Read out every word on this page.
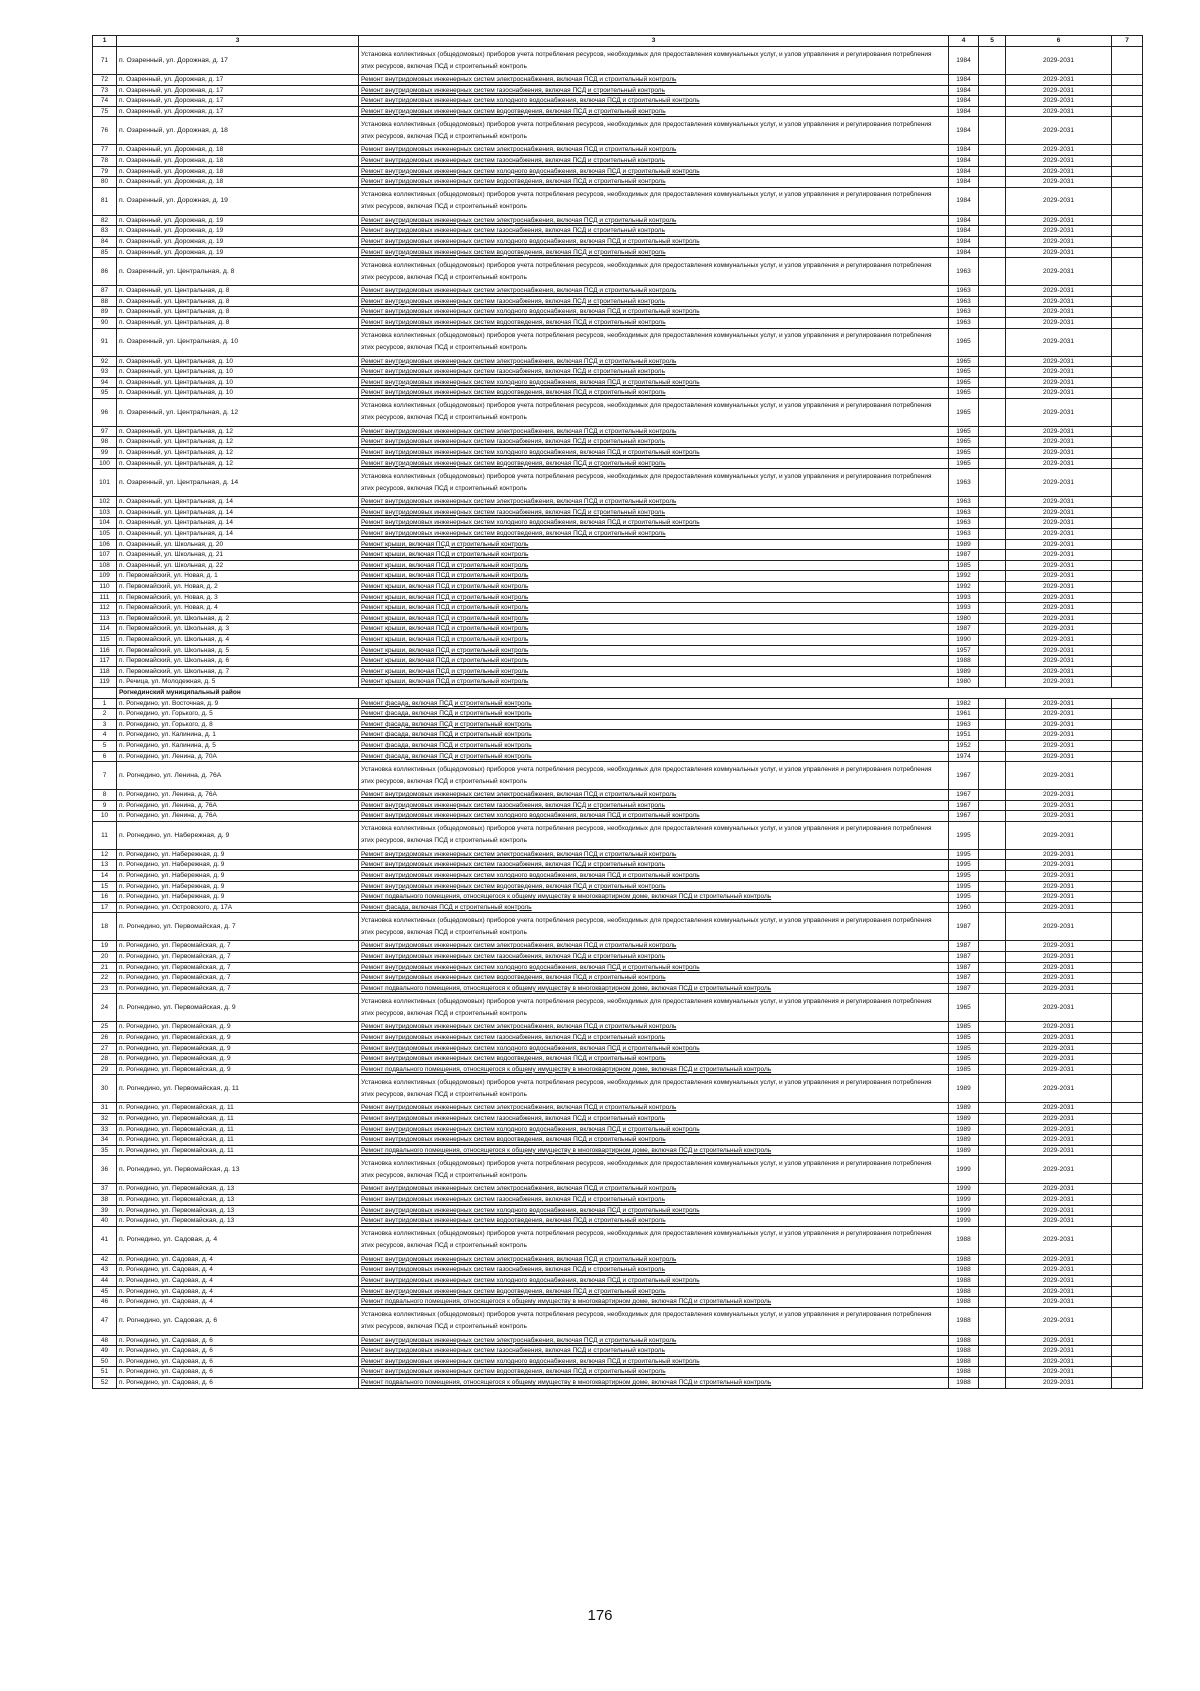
1	3	3	4	5	6	7
71	п. Озаренный, ул. Дорожная, д. 17	Установка коллективных (общедомовых) приборов учета потребления ресурсов, необходимых для предоставления коммунальных услуг, и узлов управления и регулирования потребления этих ресурсов, включая ПСД и строительный контроль	1984		2029-2031	
72	п. Озаренный, ул. Дорожная, д. 17	Ремонт внутридомовых инженерных систем электроснабжения, включая ПСД и строительный контроль	1984		2029-2031	
73	п. Озаренный, ул. Дорожная, д. 17	Ремонт внутридомовых инженерных систем газоснабжения, включая ПСД и строительный контроль	1984		2029-2031	
74	п. Озаренный, ул. Дорожная, д. 17	Ремонт внутридомовых инженерных систем холодного водоснабжения, включая ПСД и строительный контроль	1984		2029-2031	
75	п. Озаренный, ул. Дорожная, д. 17	Ремонт внутридомовых инженерных систем водоотведения, включая ПСД и строительный контроль	1984		2029-2031	
76	п. Озаренный, ул. Дорожная, д. 18	Установка коллективных (общедомовых) приборов учета потребления ресурсов, необходимых для предоставления коммунальных услуг, и узлов управления и регулирования потребления этих ресурсов, включая ПСД и строительный контроль	1984		2029-2031	
77	п. Озаренный, ул. Дорожная, д. 18	Ремонт внутридомовых инженерных систем электроснабжения, включая ПСД и строительный контроль	1984		2029-2031	
78	п. Озаренный, ул. Дорожная, д. 18	Ремонт внутридомовых инженерных систем газоснабжения, включая ПСД и строительный контроль	1984		2029-2031	
79	п. Озаренный, ул. Дорожная, д. 18	Ремонт внутридомовых инженерных систем холодного водоснабжения, включая ПСД и строительный контроль	1984		2029-2031	
80	п. Озаренный, ул. Дорожная, д. 18	Ремонт внутридомовых инженерных систем водоотведения, включая ПСД и строительный контроль	1984		2029-2031	
81	п. Озаренный, ул. Дорожная, д. 19	Установка коллективных (общедомовых) приборов учета потребления ресурсов, необходимых для предоставления коммунальных услуг, и узлов управления и регулирования потребления этих ресурсов, включая ПСД и строительный контроль	1984		2029-2031	
82	п. Озаренный, ул. Дорожная, д. 19	Ремонт внутридомовых инженерных систем электроснабжения, включая ПСД и строительный контроль	1984		2029-2031	
83	п. Озаренный, ул. Дорожная, д. 19	Ремонт внутридомовых инженерных систем газоснабжения, включая ПСД и строительный контроль	1984		2029-2031	
84	п. Озаренный, ул. Дорожная, д. 19	Ремонт внутридомовых инженерных систем холодного водоснабжения, включая ПСД и строительный контроль	1984		2029-2031	
85	п. Озаренный, ул. Дорожная, д. 19	Ремонт внутридомовых инженерных систем водоотведения, включая ПСД и строительный контроль	1984		2029-2031	
86	п. Озаренный, ул. Центральная, д. 8	Установка коллективных (общедомовых) приборов учета потребления ресурсов, необходимых для предоставления коммунальных услуг, и узлов управления и регулирования потребления этих ресурсов, включая ПСД и строительный контроль	1963		2029-2031	
87	п. Озаренный, ул. Центральная, д. 8	Ремонт внутридомовых инженерных систем электроснабжения, включая ПСД и строительный контроль	1963		2029-2031	
88	п. Озаренный, ул. Центральная, д. 8	Ремонт внутридомовых инженерных систем газоснабжения, включая ПСД и строительный контроль	1963		2029-2031	
89	п. Озаренный, ул. Центральная, д. 8	Ремонт внутридомовых инженерных систем холодного водоснабжения, включая ПСД и строительный контроль	1963		2029-2031	
90	п. Озаренный, ул. Центральная, д. 8	Ремонт внутридомовых инженерных систем водоотведения, включая ПСД и строительный контроль	1963		2029-2031	
91	п. Озаренный, ул. Центральная, д. 10	Установка коллективных (общедомовых) приборов учета потребления ресурсов, необходимых для предоставления коммунальных услуг, и узлов управления и регулирования потребления этих ресурсов, включая ПСД и строительный контроль	1965		2029-2031	
92	п. Озаренный, ул. Центральная, д. 10	Ремонт внутридомовых инженерных систем электроснабжения, включая ПСД и строительный контроль	1965		2029-2031	
93	п. Озаренный, ул. Центральная, д. 10	Ремонт внутридомовых инженерных систем газоснабжения, включая ПСД и строительный контроль	1965		2029-2031	
94	п. Озаренный, ул. Центральная, д. 10	Ремонт внутридомовых инженерных систем холодного водоснабжения, включая ПСД и строительный контроль	1965		2029-2031	
95	п. Озаренный, ул. Центральная, д. 10	Ремонт внутридомовых инженерных систем водоотведения, включая ПСД и строительный контроль	1965		2029-2031	
96	п. Озаренный, ул. Центральная, д. 12	Установка коллективных (общедомовых) приборов учета потребления ресурсов, необходимых для предоставления коммунальных услуг, и узлов управления и регулирования потребления этих ресурсов, включая ПСД и строительный контроль	1965		2029-2031	
97	п. Озаренный, ул. Центральная, д. 12	Ремонт внутридомовых инженерных систем электроснабжения, включая ПСД и строительный контроль	1965		2029-2031	
98	п. Озаренный, ул. Центральная, д. 12	Ремонт внутридомовых инженерных систем газоснабжения, включая ПСД и строительный контроль	1965		2029-2031	
99	п. Озаренный, ул. Центральная, д. 12	Ремонт внутридомовых инженерных систем холодного водоснабжения, включая ПСД и строительный контроль	1965		2029-2031	
100	п. Озаренный, ул. Центральная, д. 12	Ремонт внутридомовых инженерных систем водоотведения, включая ПСД и строительный контроль	1965		2029-2031	
101	п. Озаренный, ул. Центральная, д. 14	Установка коллективных (общедомовых) приборов учета потребления ресурсов, необходимых для предоставления коммунальных услуг, и узлов управления и регулирования потребления этих ресурсов, включая ПСД и строительный контроль	1963		2029-2031	
102	п. Озаренный, ул. Центральная, д. 14	Ремонт внутридомовых инженерных систем электроснабжения, включая ПСД и строительный контроль	1963		2029-2031	
103	п. Озаренный, ул. Центральная, д. 14	Ремонт внутридомовых инженерных систем газоснабжения, включая ПСД и строительный контроль	1963		2029-2031	
104	п. Озаренный, ул. Центральная, д. 14	Ремонт внутридомовых инженерных систем холодного водоснабжения, включая ПСД и строительный контроль	1963		2029-2031	
105	п. Озаренный, ул. Центральная, д. 14	Ремонт внутридомовых инженерных систем водоотведения, включая ПСД и строительный контроль	1963		2029-2031	
106	п. Озаренный, ул. Школьная, д. 20	Ремонт крыши, включая ПСД и строительный контроль	1989		2029-2031	
107	п. Озаренный, ул. Школьная, д. 21	Ремонт крыши, включая ПСД и строительный контроль	1987		2029-2031	
108	п. Озаренный, ул. Школьная, д. 22	Ремонт крыши, включая ПСД и строительный контроль	1985		2029-2031	
109	п. Первомайский, ул. Новая, д. 1	Ремонт крыши, включая ПСД и строительный контроль	1992		2029-2031	
110	п. Первомайский, ул. Новая, д. 2	Ремонт крыши, включая ПСД и строительный контроль	1992		2029-2031	
111	п. Первомайский, ул. Новая, д. 3	Ремонт крыши, включая ПСД и строительный контроль	1993		2029-2031	
112	п. Первомайский, ул. Новая, д. 4	Ремонт крыши, включая ПСД и строительный контроль	1993		2029-2031	
113	п. Первомайский, ул. Школьная, д. 2	Ремонт крыши, включая ПСД и строительный контроль	1980		2029-2031	
114	п. Первомайский, ул. Школьная, д. 3	Ремонт крыши, включая ПСД и строительный контроль	1987		2029-2031	
115	п. Первомайский, ул. Школьная, д. 4	Ремонт крыши, включая ПСД и строительный контроль	1990		2029-2031	
116	п. Первомайский, ул. Школьная, д. 5	Ремонт крыши, включая ПСД и строительный контроль	1957		2029-2031	
117	п. Первомайский, ул. Школьная, д. 6	Ремонт крыши, включая ПСД и строительный контроль	1988		2029-2031	
118	п. Первомайский, ул. Школьная, д. 7	Ремонт крыши, включая ПСД и строительный контроль	1989		2029-2031	
119	п. Речица, ул. Молодежная, д. 5	Ремонт крыши, включая ПСД и строительный контроль	1980		2029-2031	
	Рогнединский муниципальный район					
1	п. Рогнедино, ул. Восточная, д. 9	Ремонт фасада, включая ПСД и строительный контроль	1982		2029-2031	
2	п. Рогнедино, ул. Горького, д. 5	Ремонт фасада, включая ПСД и строительный контроль	1961		2029-2031	
3	п. Рогнедино, ул. Горького, д. 8	Ремонт фасада, включая ПСД и строительный контроль	1963		2029-2031	
4	п. Рогнедино, ул. Калинина, д. 1	Ремонт фасада, включая ПСД и строительный контроль	1951		2029-2031	
5	п. Рогнедино, ул. Калинина, д. 5	Ремонт фасада, включая ПСД и строительный контроль	1952		2029-2031	
6	п. Рогнедино, ул. Ленина, д. 70А	Ремонт фасада, включая ПСД и строительный контроль	1974		2029-2031	
7	п. Рогнедино, ул. Ленина, д. 76А	Установка коллективных (общедомовых) приборов учета потребления ресурсов, необходимых для предоставления коммунальных услуг, и узлов управления и регулирования потребления этих ресурсов, включая ПСД и строительный контроль	1967		2029-2031	
8	п. Рогнедино, ул. Ленина, д. 76А	Ремонт внутридомовых инженерных систем электроснабжения, включая ПСД и строительный контроль	1967		2029-2031	
9	п. Рогнедино, ул. Ленина, д. 76А	Ремонт внутридомовых инженерных систем газоснабжения, включая ПСД и строительный контроль	1967		2029-2031	
10	п. Рогнедино, ул. Ленина, д. 76А	Ремонт внутридомовых инженерных систем холодного водоснабжения, включая ПСД и строительный контроль	1967		2029-2031	
11	п. Рогнедино, ул. Набережная, д. 9	Установка коллективных (общедомовых) приборов учета потребления ресурсов, необходимых для предоставления коммунальных услуг, и узлов управления и регулирования потребления этих ресурсов, включая ПСД и строительный контроль	1995		2029-2031	
12	п. Рогнедино, ул. Набережная, д. 9	Ремонт внутридомовых инженерных систем электроснабжения, включая ПСД и строительный контроль	1995		2029-2031	
13	п. Рогнедино, ул. Набережная, д. 9	Ремонт внутридомовых инженерных систем газоснабжения, включая ПСД и строительный контроль	1995		2029-2031	
14	п. Рогнедино, ул. Набережная, д. 9	Ремонт внутридомовых инженерных систем холодного водоснабжения, включая ПСД и строительный контроль	1995		2029-2031	
15	п. Рогнедино, ул. Набережная, д. 9	Ремонт внутридомовых инженерных систем водоотведения, включая ПСД и строительный контроль	1995		2029-2031	
16	п. Рогнедино, ул. Набережная, д. 9	Ремонт подвального помещения, относящегося к общему имуществу в многоквартирном доме, включая ПСД и строительный контроль	1995		2029-2031	
17	п. Рогнедино, ул. Островского, д. 17А	Ремонт фасада, включая ПСД и строительный контроль	1960		2029-2031	
18	п. Рогнедино, ул. Первомайская, д. 7	Установка коллективных (общедомовых) приборов учета потребления ресурсов, необходимых для предоставления коммунальных услуг, и узлов управления и регулирования потребления этих ресурсов, включая ПСД и строительный контроль	1987		2029-2031	
19	п. Рогнедино, ул. Первомайская, д. 7	Ремонт внутридомовых инженерных систем электроснабжения, включая ПСД и строительный контроль	1987		2029-2031	
20	п. Рогнедино, ул. Первомайская, д. 7	Ремонт внутридомовых инженерных систем газоснабжения, включая ПСД и строительный контроль	1987		2029-2031	
21	п. Рогнедино, ул. Первомайская, д. 7	Ремонт внутридомовых инженерных систем холодного водоснабжения, включая ПСД и строительный контроль	1987		2029-2031	
22	п. Рогнедино, ул. Первомайская, д. 7	Ремонт внутридомовых инженерных систем водоотведения, включая ПСД и строительный контроль	1987		2029-2031	
23	п. Рогнедино, ул. Первомайская, д. 7	Ремонт подвального помещения, относящегося к общему имуществу в многоквартирном доме, включая ПСД и строительный контроль	1987		2029-2031	
24	п. Рогнедино, ул. Первомайская, д. 9	Установка коллективных (общедомовых) приборов учета потребления ресурсов, необходимых для предоставления коммунальных услуг, и узлов управления и регулирования потребления этих ресурсов, включая ПСД и строительный контроль	1965		2029-2031	
25	п. Рогнедино, ул. Первомайская, д. 9	Ремонт внутридомовых инженерных систем электроснабжения, включая ПСД и строительный контроль	1985		2029-2031	
26	п. Рогнедино, ул. Первомайская, д. 9	Ремонт внутридомовых инженерных систем газоснабжения, включая ПСД и строительный контроль	1985		2029-2031	
27	п. Рогнедино, ул. Первомайская, д. 9	Ремонт внутридомовых инженерных систем холодного водоснабжения, включая ПСД и строительный контроль	1985		2029-2031	
28	п. Рогнедино, ул. Первомайская, д. 9	Ремонт внутридомовых инженерных систем водоотведения, включая ПСД и строительный контроль	1985		2029-2031	
29	п. Рогнедино, ул. Первомайская, д. 9	Ремонт подвального помещения, относящегося к общему имуществу в многоквартирном доме, включая ПСД и строительный контроль	1985		2029-2031	
30	п. Рогнедино, ул. Первомайская, д. 11	Установка коллективных (общедомовых) приборов учета потребления ресурсов, необходимых для предоставления коммунальных услуг, и узлов управления и регулирования потребления этих ресурсов, включая ПСД и строительный контроль	1989		2029-2031	
31	п. Рогнедино, ул. Первомайская, д. 11	Ремонт внутридомовых инженерных систем электроснабжения, включая ПСД и строительный контроль	1989		2029-2031	
32	п. Рогнедино, ул. Первомайская, д. 11	Ремонт внутридомовых инженерных систем газоснабжения, включая ПСД и строительный контроль	1989		2029-2031	
33	п. Рогнедино, ул. Первомайская, д. 11	Ремонт внутридомовых инженерных систем холодного водоснабжения, включая ПСД и строительный контроль	1989		2029-2031	
34	п. Рогнедино, ул. Первомайская, д. 11	Ремонт внутридомовых инженерных систем водоотведения, включая ПСД и строительный контроль	1989		2029-2031	
35	п. Рогнедино, ул. Первомайская, д. 11	Ремонт подвального помещения, относящегося к общему имуществу в многоквартирном доме, включая ПСД и строительный контроль	1989		2029-2031	
36	п. Рогнедино, ул. Первомайская, д. 13	Установка коллективных (общедомовых) приборов учета потребления ресурсов, необходимых для предоставления коммунальных услуг, и узлов управления и регулирования потребления этих ресурсов, включая ПСД и строительный контроль	1999		2029-2031	
37	п. Рогнедино, ул. Первомайская, д. 13	Ремонт внутридомовых инженерных систем электроснабжения, включая ПСД и строительный контроль	1999		2029-2031	
38	п. Рогнедино, ул. Первомайская, д. 13	Ремонт внутридомовых инженерных систем газоснабжения, включая ПСД и строительный контроль	1999		2029-2031	
39	п. Рогнедино, ул. Первомайская, д. 13	Ремонт внутридомовых инженерных систем холодного водоснабжения, включая ПСД и строительный контроль	1999		2029-2031	
40	п. Рогнедино, ул. Первомайская, д. 13	Ремонт внутридомовых инженерных систем водоотведения, включая ПСД и строительный контроль	1999		2029-2031	
41	п. Рогнедино, ул. Садовая, д. 4	Установка коллективных (общедомовых) приборов учета потребления ресурсов, необходимых для предоставления коммунальных услуг, и узлов управления и регулирования потребления этих ресурсов, включая ПСД и строительный контроль	1988		2029-2031	
42	п. Рогнедино, ул. Садовая, д. 4	Ремонт внутридомовых инженерных систем электроснабжения, включая ПСД и строительный контроль	1988		2029-2031	
43	п. Рогнедино, ул. Садовая, д. 4	Ремонт внутридомовых инженерных систем газоснабжения, включая ПСД и строительный контроль	1988		2029-2031	
44	п. Рогнедино, ул. Садовая, д. 4	Ремонт внутридомовых инженерных систем холодного водоснабжения, включая ПСД и строительный контроль	1988		2029-2031	
45	п. Рогнедино, ул. Садовая, д. 4	Ремонт внутридомовых инженерных систем водоотведения, включая ПСД и строительный контроль	1988		2029-2031	
46	п. Рогнедино, ул. Садовая, д. 4	Ремонт подвального помещения, относящегося к общему имуществу в многоквартирном доме, включая ПСД и строительный контроль	1988		2029-2031	
47	п. Рогнедино, ул. Садовая, д. 6	Установка коллективных (общедомовых) приборов учета потребления ресурсов, необходимых для предоставления коммунальных услуг, и узлов управления и регулирования потребления этих ресурсов, включая ПСД и строительный контроль	1988		2029-2031	
48	п. Рогнедино, ул. Садовая, д. 6	Ремонт внутридомовых инженерных систем электроснабжения, включая ПСД и строительный контроль	1988		2029-2031	
49	п. Рогнедино, ул. Садовая, д. 6	Ремонт внутридомовых инженерных систем газоснабжения, включая ПСД и строительный контроль	1988		2029-2031	
50	п. Рогнедино, ул. Садовая, д. 6	Ремонт внутридомовых инженерных систем холодного водоснабжения, включая ПСД и строительный контроль	1988		2029-2031	
51	п. Рогнедино, ул. Садовая, д. 6	Ремонт внутридомовых инженерных систем водоотведения, включая ПСД и строительный контроль	1988		2029-2031	
52	п. Рогнедино, ул. Садовая, д. 6	Ремонт подвального помещения, относящегося к общему имуществу в многоквартирном доме, включая ПСД и строительный контроль	1988		2029-2031	
176
